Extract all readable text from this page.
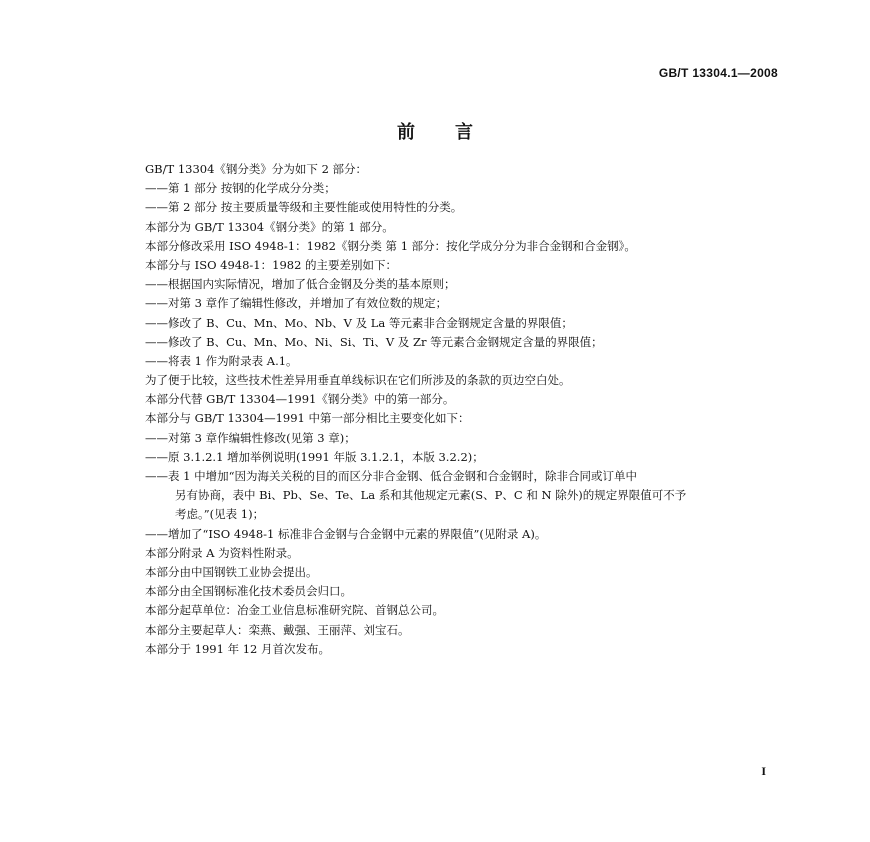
GB/T 13304.1—2008
前言
GB/T 13304《钢分类》分为如下 2 部分：
——第 1 部分 按钢的化学成分分类；
——第 2 部分 按主要质量等级和主要性能或使用特性的分类。
本部分为 GB/T 13304《钢分类》的第 1 部分。
本部分修改采用 ISO 4948-1：1982《钢分类 第 1 部分：按化学成分分为非合金钢和合金钢》。
本部分与 ISO 4948-1：1982 的主要差别如下：
——根据国内实际情况，增加了低合金钢及分类的基本原则；
——对第 3 章作了编辑性修改，并增加了有效位数的规定；
——修改了 B、Cu、Mn、Mo、Nb、V 及 La 等元素非合金钢规定含量的界限值；
——修改了 B、Cu、Mn、Mo、Ni、Si、Ti、V 及 Zr 等元素合金钢规定含量的界限值；
——将表 1 作为附录表 A.1。
为了便于比较，这些技术性差异用垂直单线标识在它们所涉及的条款的页边空白处。
本部分代替 GB/T 13304—1991《钢分类》中的第一部分。
本部分与 GB/T 13304—1991 中第一部分相比主要变化如下：
——对第 3 章作编辑性修改(见第 3 章)；
——原 3.1.2.1 增加举例说明(1991 年版 3.1.2.1，本版 3.2.2)；
——表 1 中增加“因为海关关税的目的而区分非合金钢、低合金钢和合金钢时，除非合同或订单中
另有协商，表中 Bi、Pb、Se、Te、La 系和其他规定元素(S、P、C 和 N 除外)的规定界限值可不予
考虑。”(见表 1)；
——增加了“ISO 4948-1 标准非合金钢与合金钢中元素的界限值”(见附录 A)。
本部分附录 A 为资料性附录。
本部分由中国钢铁工业协会提出。
本部分由全国钢标准化技术委员会归口。
本部分起草单位：冶金工业信息标准研究院、首钢总公司。
本部分主要起草人：栾燕、戴强、王丽萍、刘宝石。
本部分于 1991 年 12 月首次发布。
I
